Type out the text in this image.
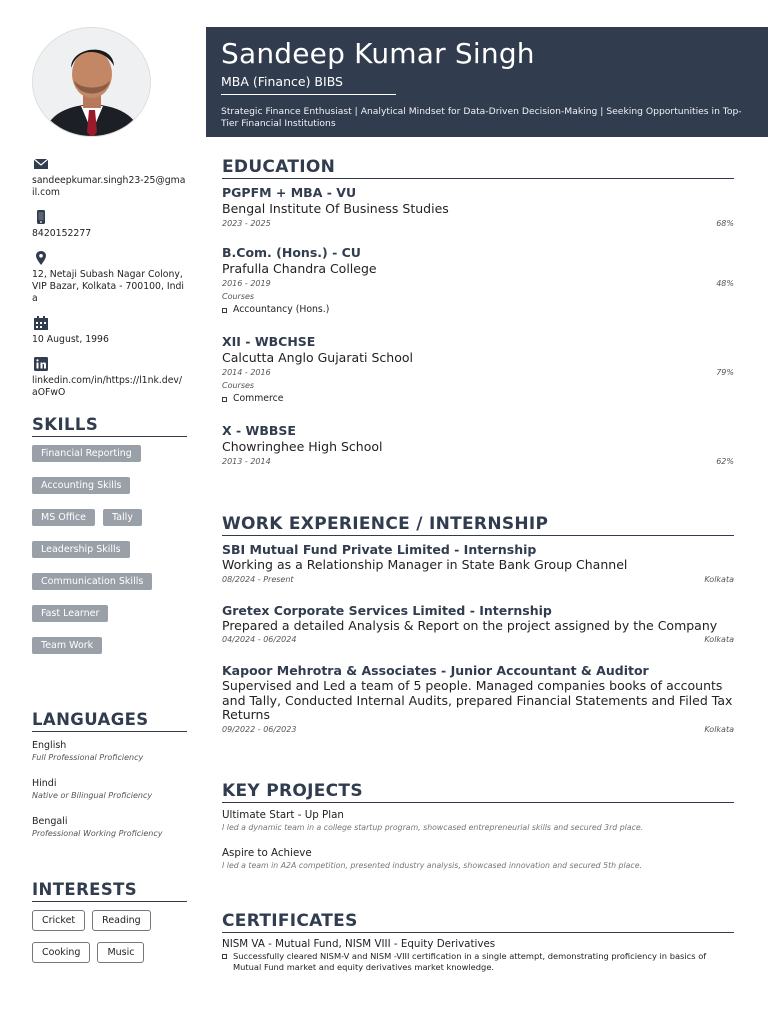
Sandeep Kumar Singh
MBA (Finance) BIBS
Strategic Finance Enthusiast | Analytical Mindset for Data-Driven Decision-Making | Seeking Opportunities in Top-Tier Financial Institutions
sandeepkumar.singh23-25@gmail.com
8420152277
12, Netaji Subash Nagar Colony, VIP Bazar, Kolkata - 700100, India
10 August, 1996
linkedin.com/in/https://l1nk.dev/aOFwO
SKILLS
Financial Reporting
Accounting Skills
MS Office	Tally
Leadership Skills
Communication Skills
Fast Learner
Team Work
LANGUAGES
English
Full Professional Proficiency
Hindi
Native or Bilingual Proficiency
Bengali
Professional Working Proficiency
INTERESTS
Cricket	Reading
Cooking	Music
EDUCATION
PGPFM + MBA - VU
Bengal Institute Of Business Studies
2023 - 2025	68%
B.Com. (Hons.) - CU
Prafulla Chandra College
2016 - 2019	48%
Courses
Accountancy (Hons.)
XII - WBCHSE
Calcutta Anglo Gujarati School
2014 - 2016	79%
Courses
Commerce
X - WBBSE
Chowringhee High School
2013 - 2014	62%
WORK EXPERIENCE / INTERNSHIP
SBI Mutual Fund Private Limited - Internship
Working as a Relationship Manager in State Bank Group Channel
08/2024 - Present	Kolkata
Gretex Corporate Services Limited - Internship
Prepared a detailed Analysis & Report on the project assigned by the Company
04/2024 - 06/2024	Kolkata
Kapoor Mehrotra & Associates - Junior Accountant & Auditor
Supervised and Led a team of 5 people. Managed companies books of accounts and Tally, Conducted Internal Audits, prepared Financial Statements and Filed Tax Returns
09/2022 - 06/2023	Kolkata
KEY PROJECTS
Ultimate Start - Up Plan
I led a dynamic team in a college startup program, showcased entrepreneurial skills and secured 3rd place.
Aspire to Achieve
I led a team in A2A competition, presented industry analysis, showcased innovation and secured 5th place.
CERTIFICATES
NISM VA - Mutual Fund, NISM VIII - Equity Derivatives
Successfully cleared NISM-V and NISM -VIII certification in a single attempt, demonstrating proficiency in basics of Mutual Fund market and equity derivatives market knowledge.
